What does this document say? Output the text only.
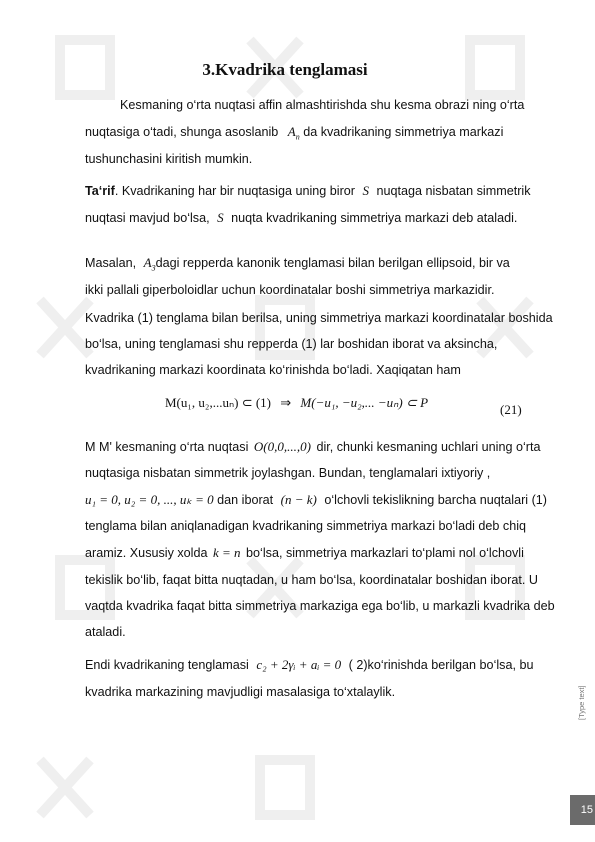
3.Kvadrika tenglamasi
Kesmaning o‘rta nuqtasi affin almashtirishda shu kesma obrazi ning o‘rta
nuqtasiga o‘tadi, shunga asoslanib $A_n$ da kvadrikaning simmetriya markazi
tushunchasini kiritish mumkin.
Ta‘rif. Kvadrikaning har bir nuqtasiga uning biror S nuqtaga nisbatan simmetrik
nuqtasi mavjud bo‘lsa, S nuqta kvadrikaning simmetriya markazi deb ataladi.
Masalan, $A_3dagi$ repperda kanonik tenglamasi bilan berilgan ellipsoid, bir va
ikki pallali giperboloidlar uchun koordinatalar boshi simmetriya markazidir.
Kvadrika (1) tenglama bilan berilsa, uning simmetriya markazi koordinatalar boshida
bo‘lsa, uning tenglamasi shu repperda (1) lar boshidan iborat va aksincha,
kvadrikaning markazi koordinata ko‘rinishda bo‘ladi. Xaqiqatan ham
M(u₁, u₂,...uₙ) ⊂ (1) ⇒ M(−u₁, −u₂,... −uₙ) ⊂ P	(21)
M M' kesmaning o‘rta nuqtasi O(0,0,...,0) dir, chunki kesmaning uchlari uning o‘rta
nuqtasiga nisbatan simmetrik joylashgan. Bundan, tenglamalari ixtiyoriy ,
u₁ = 0, u₂ = 0, ..., uₖ = 0 dan iborat (n − k) o‘lchovli tekislikning barcha nuqtalari (1)
tenglama bilan aniqlanadigan kvadrikaning simmetriya markazi bo‘ladi deb chiq
aramiz. Xususiy xolda k = n bo‘lsa, simmetriya markazlari to‘plami nol o‘lchovli
tekislik bo‘lib, faqat bitta nuqtadan, u ham bo‘lsa, koordinatalar boshidan iborat. U
vaqtda kvadrika faqat bitta simmetriya markaziga ega bo‘lib, u markazli kvadrika deb
ataladi.
Endi kvadrikaning tenglamasi c₂ + 2γᵢ + aᵢ = 0 ( 2)ko‘rinishda berilgan bo‘lsa, bu
kvadrika markazining mavjudligi masalasiga to‘xtalaylik.	[Type text]
15
